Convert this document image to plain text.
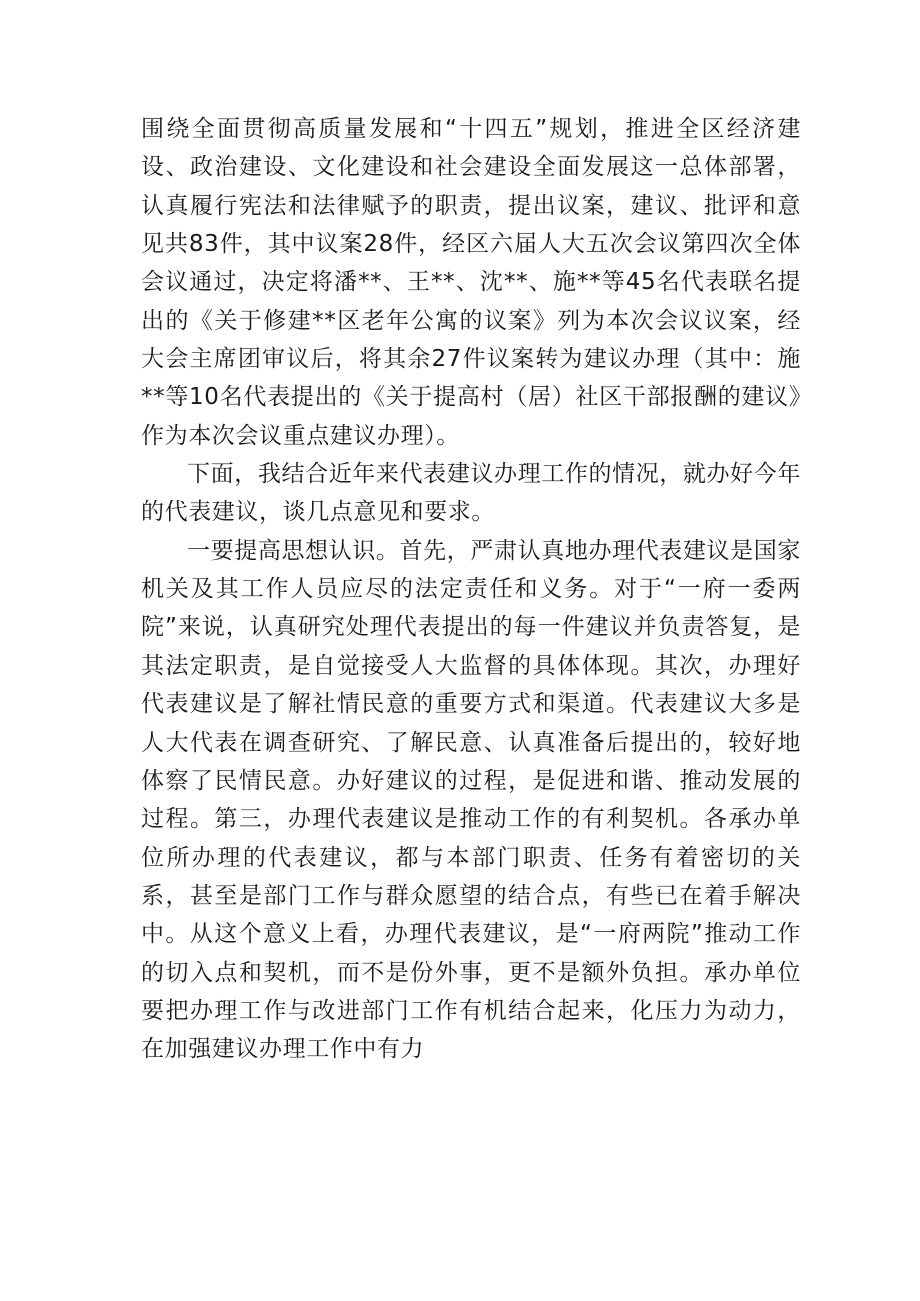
围绕全面贯彻高质量发展和“十四五”规划，推进全区经济建设、政治建设、文化建设和社会建设全面发展这一总体部署，认真履行宪法和法律赋予的职责，提出议案，建议、批评和意见共83件，其中议案28件，经区六届人大五次会议第四次全体会议通过，决定将潘**、王**、沈**、施**等45名代表联名提出的《关于修建**区老年公寓的议案》列为本次会议议案，经大会主席团审议后，将其余27件议案转为建议办理（其中：施**等10名代表提出的《关于提高村（居）社区干部报酬的建议》作为本次会议重点建议办理）。

下面，我结合近年来代表建议办理工作的情况，就办好今年的代表建议，谈几点意见和要求。

一要提高思想认识。首先，严肃认真地办理代表建议是国家机关及其工作人员应尽的法定责任和义务。对于“一府一委两院”来说，认真研究处理代表提出的每一件建议并负责答复，是其法定职责，是自觉接受人大监督的具体体现。其次，办理好代表建议是了解社情民意的重要方式和渠道。代表建议大多是人大代表在调查研究、了解民意、认真准备后提出的，较好地体察了民情民意。办好建议的过程，是促进和谐、推动发展的过程。第三，办理代表建议是推动工作的有利契机。各承办单位所办理的代表建议，都与本部门职责、任务有着密切的关系，甚至是部门工作与群众愿望的结合点，有些已在着手解决中。从这个意义上看，办理代表建议，是“一府两院”推动工作的切入点和契机，而不是份外事，更不是额外负担。承办单位要把办理工作与改进部门工作有机结合起来，化压力为动力，在加强建议办理工作中有力
